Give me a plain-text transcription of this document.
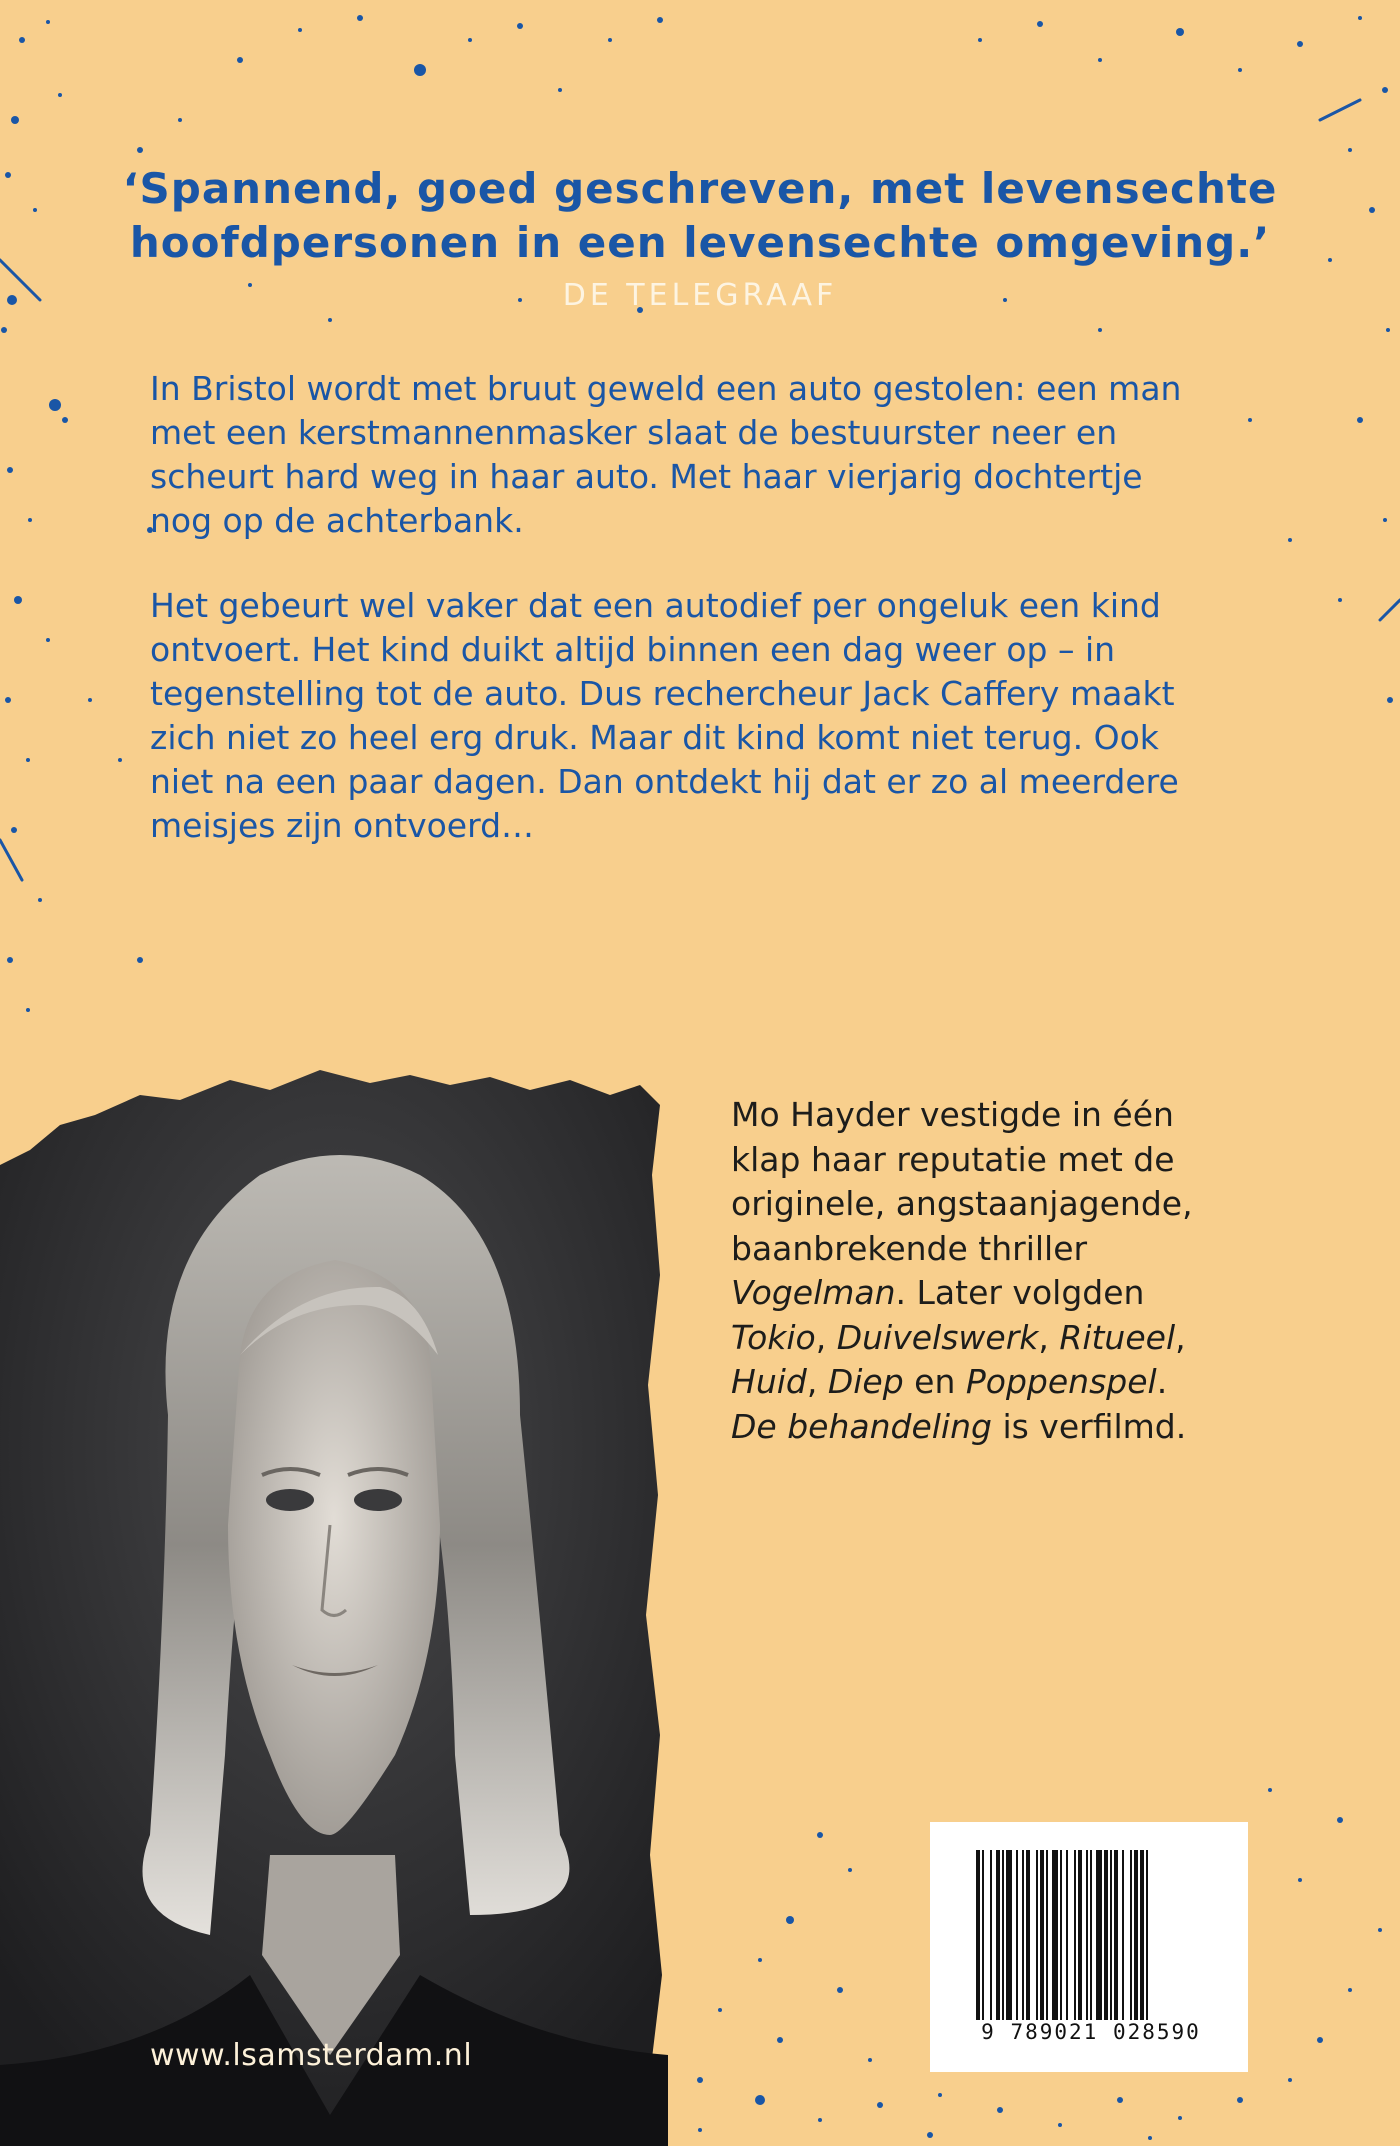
‘Spannend, goed geschreven, met levensechte
hoofdpersonen in een levensechte omgeving.’
DE TELEGRAAF
In Bristol wordt met bruut geweld een auto gestolen: een man
met een kerstmannenmasker slaat de bestuurster neer en
scheurt hard weg in haar auto. Met haar vierjarig dochtertje
nog op de achterbank.
Het gebeurt wel vaker dat een autodief per ongeluk een kind
ontvoert. Het kind duikt altijd binnen een dag weer op – in
tegenstelling tot de auto. Dus rechercheur Jack Caffery maakt
zich niet zo heel erg druk. Maar dit kind komt niet terug. Ook
niet na een paar dagen. Dan ontdekt hij dat er zo al meerdere
meisjes zijn ontvoerd…
Mo Hayder vestigde in één
klap haar reputatie met de
originele, angstaanjagende,
baanbrekende thriller
Vogelman. Later volgden
Tokio, Duivelswerk, Ritueel,
Huid, Diep en Poppenspel.
De behandeling is verfilmd.
www.lsamsterdam.nl
9 789021 028590
